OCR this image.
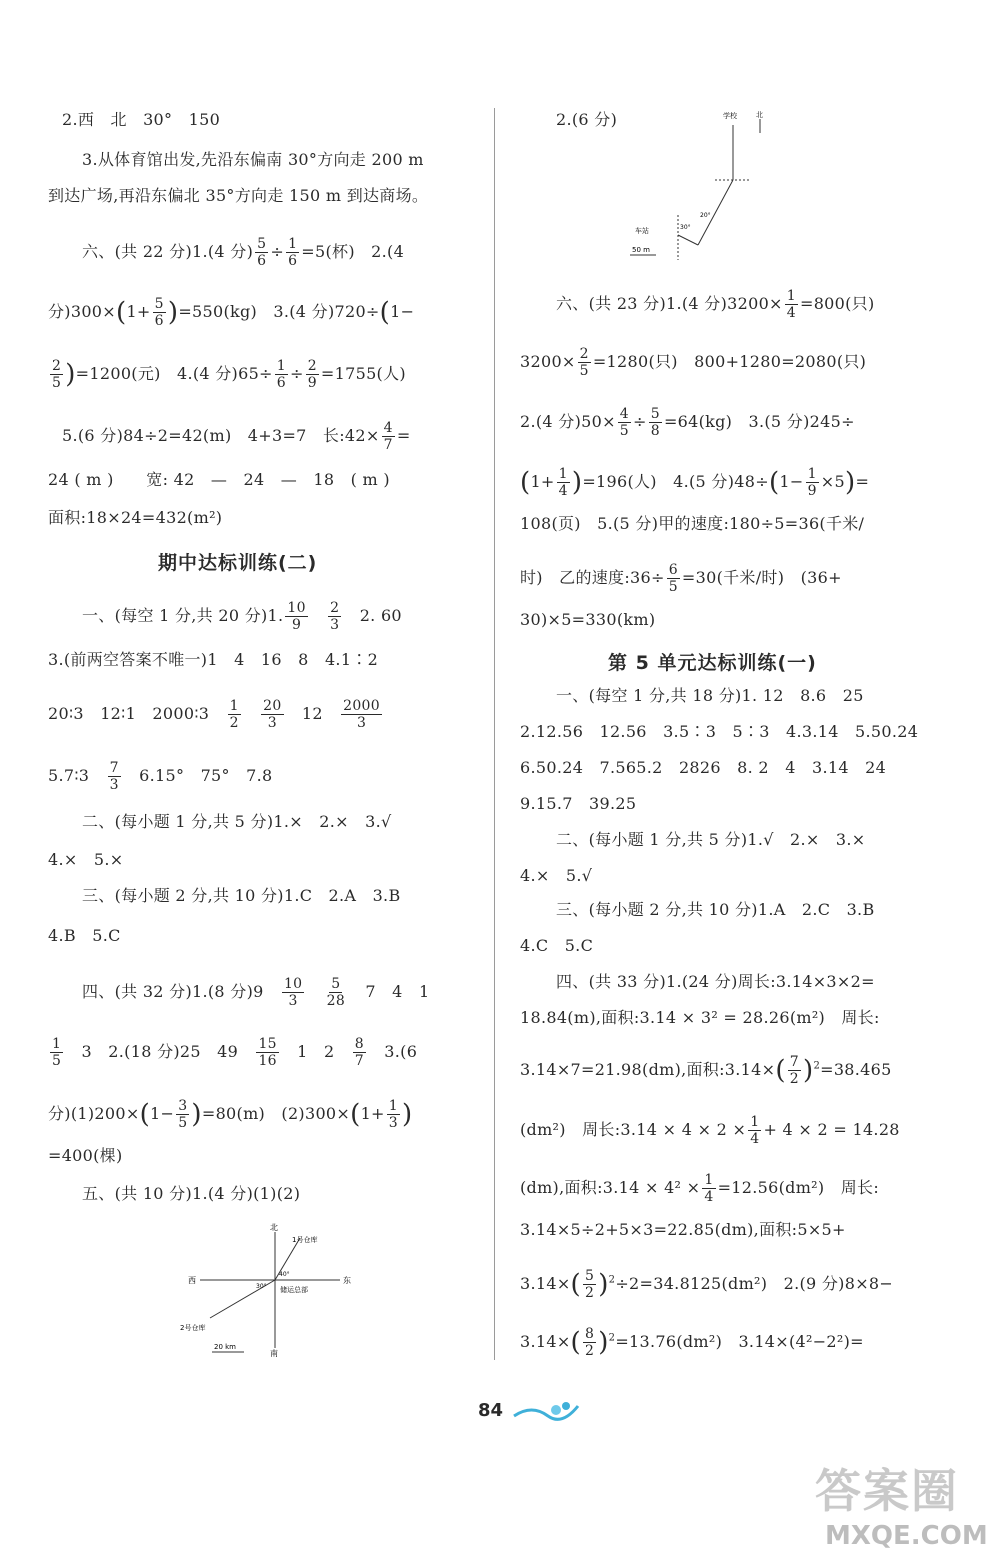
2.西　北　30°　150
3.从体育馆出发,先沿东偏南 30°方向走 200 m
到达广场,再沿东偏北 35°方向走 150 m 到达商场。
六、(共 22 分)1.(4 分) $\frac{5}{6} \div \frac{1}{6} =5$(杯)　2.(4
分)$300\times(1+ \frac{5}{6} )=550(kg)$　3.(4 分)720÷(1−
$\frac{2}{5} )=1200$(元)　4.(4 分)$65\div \frac{1}{6} \div \frac{2}{9} =1755$(人)
5.(6 分)84÷2=42(m)　4+3=7　长:42× $\frac{4}{7}$ =
24 ( m )　　宽: 42　—　24　—　18　( m )
面积:18×24=432(m²)
期中达标训练(二)
一、(每空 1 分,共 20 分)1. $\frac{10}{9}$
　 $\frac{2}{3}$
　 2. 60
3.(前两空答案不唯一)1　4　16　8　4.1∶2
20∶3　12∶1　2000∶3　 $\frac{1}{2}$
　 $\frac{20}{3}$
　 12　 $\frac{2000}{3}$
5.7∶3　 $\frac{7}{3}$
　 6.15°　75°　7.8
二、(每小题 1 分,共 5 分)1.×　2.×　3.√
4.×　5.×
三、(每小题 2 分,共 10 分)1.C　2.A　3.B
4.B　5.C
四、(共 32 分)1.(8 分)9　 $\frac{10}{3}$
　 $\frac{5}{28}$
　 7　4　1
$\frac{1}{5}$
　 3　2.(18 分)25　49　 $\frac{15}{16}$
　 1　2　 $\frac{8}{7}$
　 3.(6
分)$(1)200\times(1- \frac{3}{5} )=80(m)$　$(2)300\times(1+ \frac{1}{3}$ )
=400(棵)
五、(共 10 分)1.(4 分)(1)(2)
北
南
西	东
1号仓库
2号仓库
储运总部
40°
30°
20 km
2.(6 分)	学校	北
车站	30°
20°
50 m
六、(共 23 分)1.(4 分)$3200\times \frac{1}{4} =800$(只)
$3200\times \frac{2}{5} =1280$(只)　800+1280=2080(只)
2.(4 分)$50\times \frac{4}{5} \div \frac{5}{8} =64(kg)$　3.(5 分)245÷
$(1+ \frac{1}{4} )=196$(人)　4.(5 分)$48\div(1- \frac{1}{9} \times 5)=$
108(页)　5.(5 分)甲的速度:180÷5=36(千米/
时)　乙的速度:36÷ $\frac{6}{5} =30$(千米/时)　(36+
30)×5=330(km)
第 5 单元达标训练(一)
一、(每空 1 分,共 18 分)1. 12　8.6　25
2.12.56　12.56　3.5∶3　5∶3　4.3.14　5.50.24
6.50.24　7.565.2　2826　8. 2　4　3.14　24
9.15.7　39.25
二、(每小题 1 分,共 5 分)1.√　2.×　3.×
4.×　5.√
三、(每小题 2 分,共 10 分)1.A　2.C　3.B
4.C　5.C
四、(共 33 分)1.(24 分)周长:3.14×3×2=
18.84(m),面积:3.14 × 3² = 28.26(m²)　周长:
3.14×7=21.98(dm),面积:3.14×( $\frac{7}{2} )^2=38.465$
(dm²)　周长:3.14 × $4 \times 2 \times \frac{1}{4} + 4 \times 2 = 14.28$
(dm),面积:3.14 × $4^2 \times \frac{1}{4} =12.56(dm^2)$　周长:
3.14×5÷2+5×3=22.85(dm),面积:5×5+
$3.14\times( \frac{5}{2} )^2\div 2=34.8125(dm^2)$　2.(9 分)8×8−
$3.14\times( \frac{8}{2} )^2=13.76(dm^2)$　3.14×(4²−2²)=
84
答案圈
MXQE.COM
